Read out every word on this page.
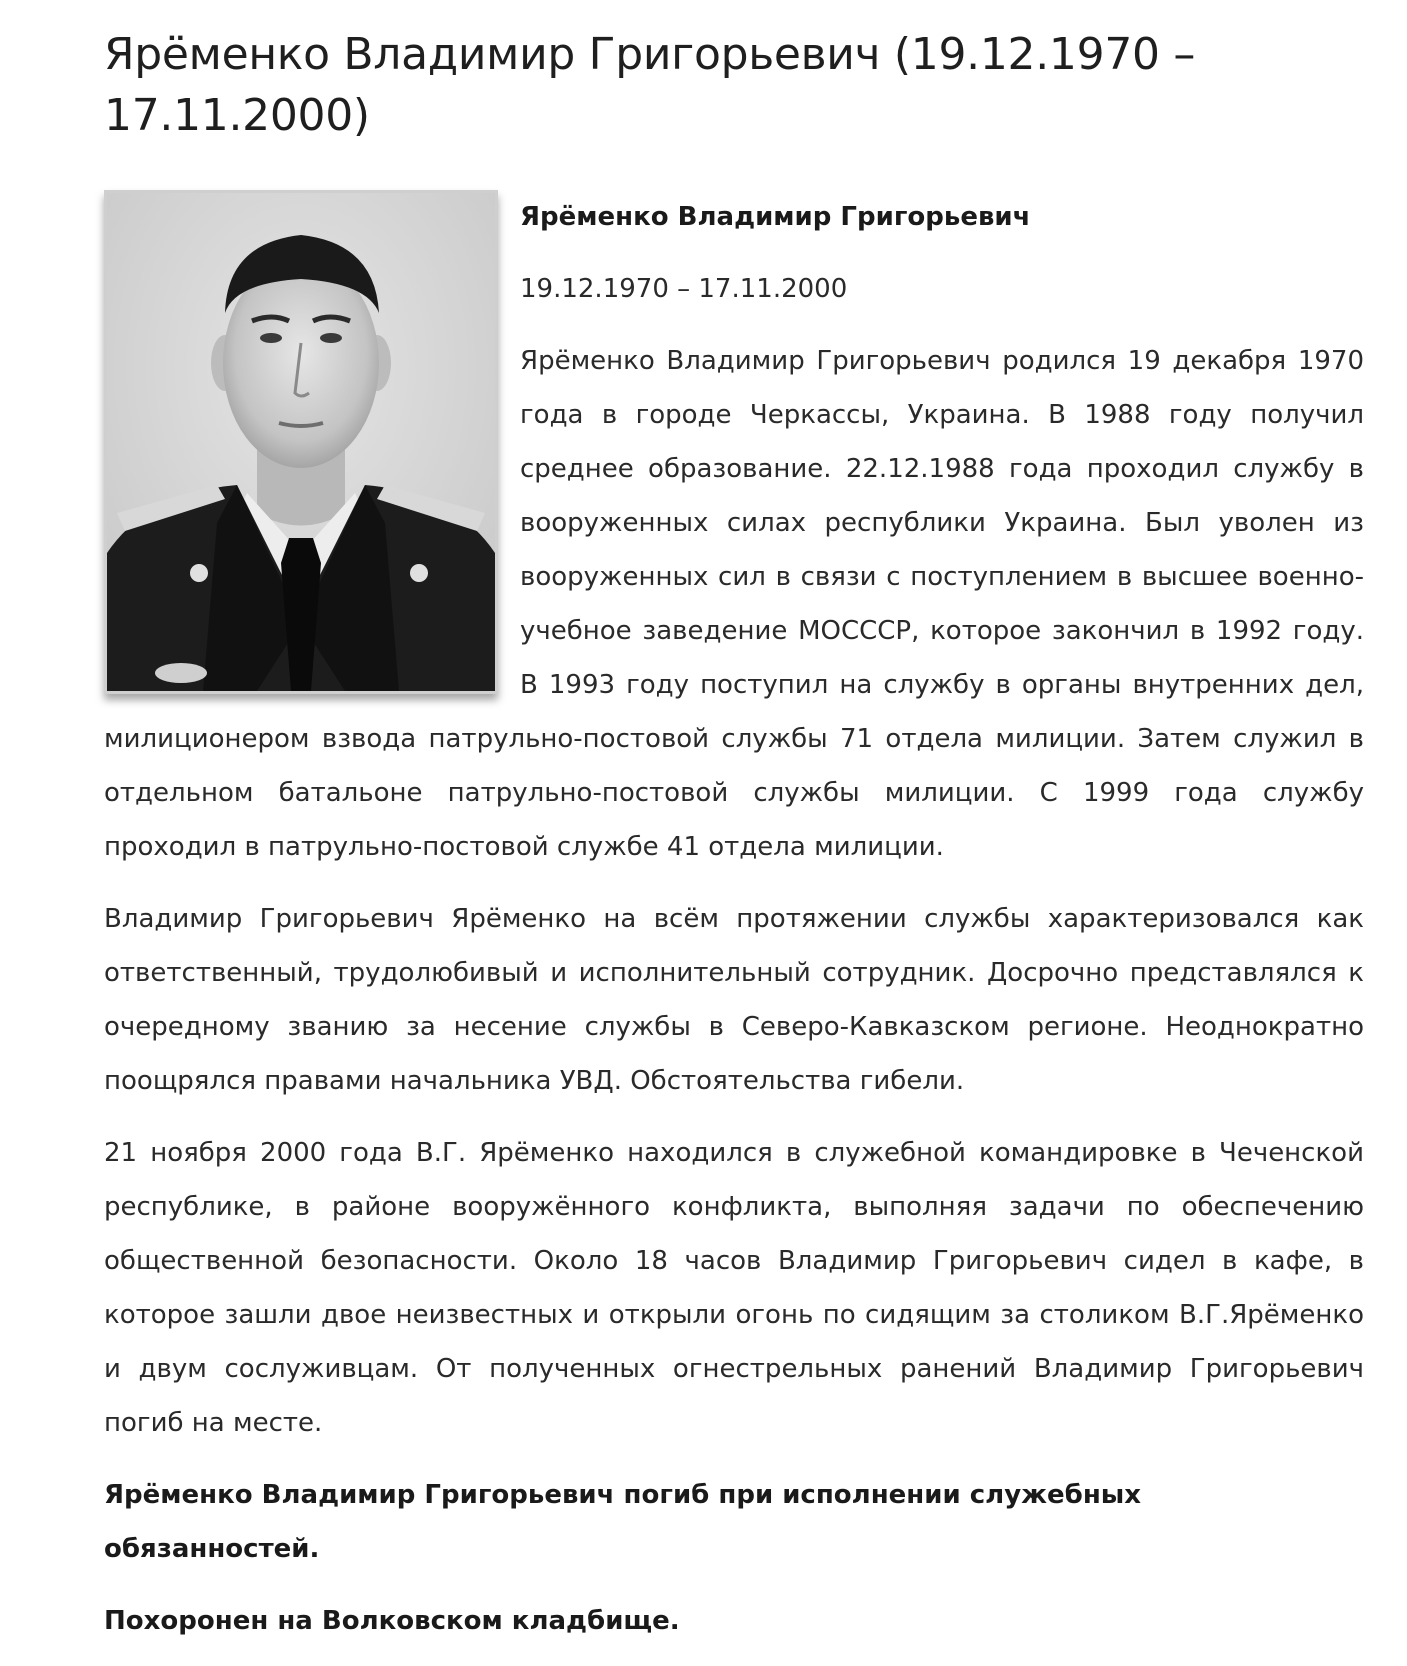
Ярёменко Владимир Григорьевич (19.12.1970 – 17.11.2000)

Ярёменко Владимир Григорьевич

19.12.1970 – 17.11.2000

Ярёменко Владимир Григорьевич родился 19 декабря 1970 года в городе Черкассы, Украина. В 1988 году получил среднее образование. 22.12.1988 года проходил службу в вооруженных силах республики Украина. Был уволен из вооруженных сил в связи с поступлением в высшее военно-учебное заведение МОСССР, которое закончил в 1992 году. В 1993 году поступил на службу в органы внутренних дел, милиционером взвода патрульно-постовой службы 71 отдела милиции. Затем служил в отдельном батальоне патрульно-постовой службы милиции. С 1999 года службу проходил в патрульно-постовой службе 41 отдела милиции.

Владимир Григорьевич Ярёменко на всём протяжении службы характеризовался как ответственный, трудолюбивый и исполнительный сотрудник. Досрочно представлялся к очередному званию за несение службы в Северо-Кавказском регионе. Неоднократно поощрялся правами начальника УВД. Обстоятельства гибели.

21 ноября 2000 года В.Г. Ярёменко находился в служебной командировке в Чеченской республике, в районе вооружённого конфликта, выполняя задачи по обеспечению общественной безопасности. Около 18 часов Владимир Григорьевич сидел в кафе, в которое зашли двое неизвестных и открыли огонь по сидящим за столиком В.Г.Ярёменко и двум сослуживцам. От полученных огнестрельных ранений Владимир Григорьевич погиб на месте.

Ярёменко Владимир Григорьевич погиб при исполнении служебных обязанностей.

Похоронен на Волковском кладбище.
